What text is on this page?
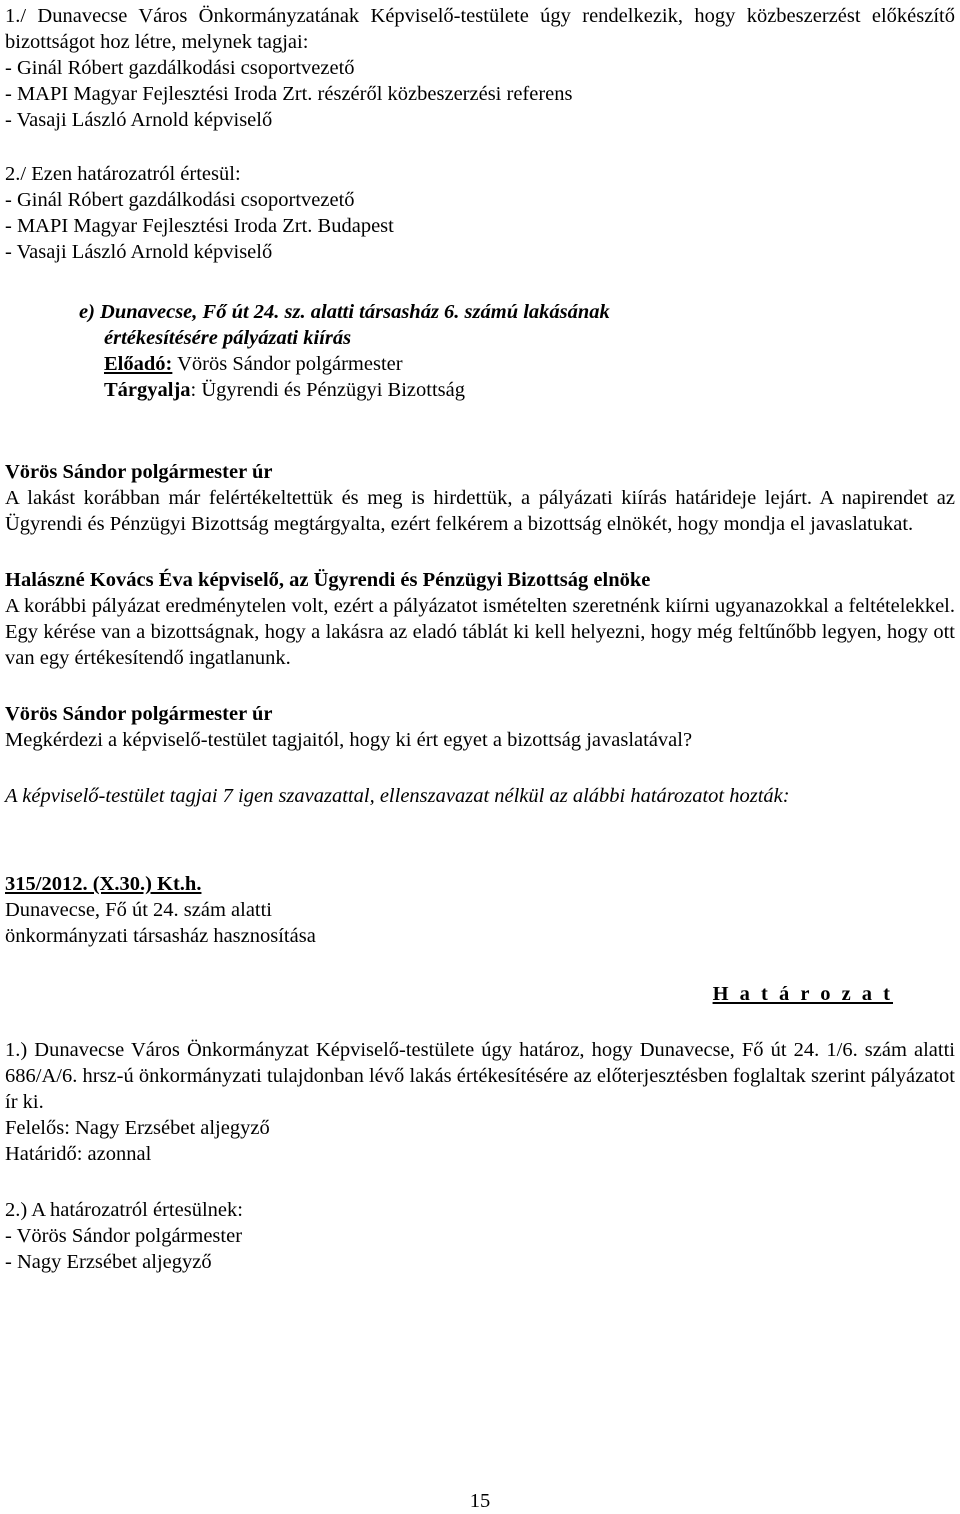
1./ Dunavecse Város Önkormányzatának Képviselő-testülete úgy rendelkezik, hogy közbeszerzést előkészítő bizottságot hoz létre, melynek tagjai:

- Ginál Róbert gazdálkodási csoportvezető

- MAPI Magyar Fejlesztési Iroda Zrt. részéről közbeszerzési referens

- Vasaji László Arnold képviselő

2./ Ezen határozatról értesül:

- Ginál Róbert gazdálkodási csoportvezető

- MAPI Magyar Fejlesztési Iroda Zrt. Budapest

- Vasaji László Arnold képviselő

e) Dunavecse, Fő út 24. sz. alatti társasház 6. számú lakásának

értékesítésére pályázati kiírás

Előadó: Vörös Sándor polgármester

Tárgyalja: Ügyrendi és Pénzügyi Bizottság

Vörös Sándor polgármester úr

A lakást korábban már felértékeltettük és meg is hirdettük, a pályázati kiírás határideje lejárt. A napirendet az Ügyrendi és Pénzügyi Bizottság megtárgyalta, ezért felkérem a bizottság elnökét, hogy mondja el javaslatukat.

Halászné Kovács Éva képviselő, az Ügyrendi és Pénzügyi Bizottság elnöke

A korábbi pályázat eredménytelen volt, ezért a pályázatot ismételten szeretnénk kiírni ugyanazokkal a feltételekkel. Egy kérése van a bizottságnak, hogy a lakásra az eladó táblát ki kell helyezni, hogy még feltűnőbb legyen, hogy ott van egy értékesítendő ingatlanunk.

Vörös Sándor polgármester úr

Megkérdezi a képviselő-testület tagjaitól, hogy ki ért egyet a bizottság javaslatával?

A képviselő-testület tagjai 7 igen szavazattal, ellenszavazat nélkül az alábbi határozatot hozták:

315/2012. (X.30.) Kt.h.

Dunavecse, Fő út 24. szám alatti

önkormányzati társasház hasznosítása

H a t á r o z a t

1.) Dunavecse Város Önkormányzat Képviselő-testülete úgy határoz, hogy Dunavecse, Fő út 24. 1/6. szám alatti 686/A/6. hrsz-ú önkormányzati tulajdonban lévő lakás értékesítésére az előterjesztésben foglaltak szerint pályázatot ír ki.

Felelős: Nagy Erzsébet aljegyző

Határidő: azonnal

2.) A határozatról értesülnek:

- Vörös Sándor polgármester

- Nagy Erzsébet aljegyző

15
